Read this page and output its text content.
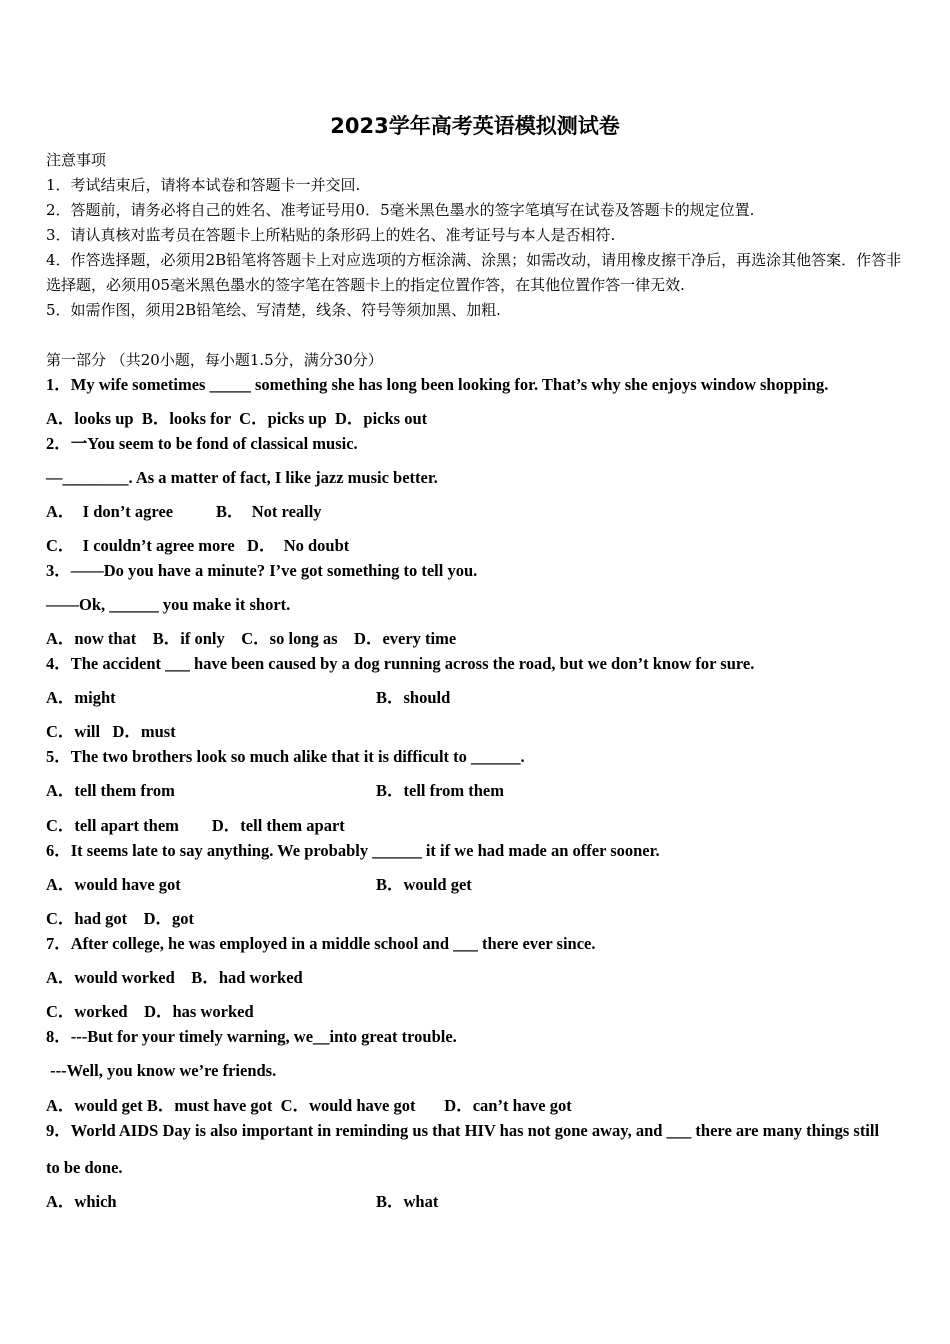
2023学年高考英语模拟测试卷
注意事项
1．考试结束后，请将本试卷和答题卡一并交回.
2．答题前，请务必将自己的姓名、准考证号用0．5毫米黑色墨水的签字笔填写在试卷及答题卡的规定位置.
3．请认真核对监考员在答题卡上所粘贴的条形码上的姓名、准考证号与本人是否相符.
4．作答选择题，必须用2B铅笔将答题卡上对应选项的方框涂满、涂黑；如需改动，请用橡皮擦干净后，再选涂其他答案．作答非选择题，必须用05毫米黑色墨水的签字笔在答题卡上的指定位置作答，在其他位置作答一律无效.
5．如需作图，须用2B铅笔绘、写清楚，线条、符号等须加黑、加粗.
第一部分 （共20小题，每小题1.5分，满分30分）
1．My wife sometimes _____ something she has long been looking for. That’s why she enjoys window shopping.
A．looks up  B．looks for  C．picks up  D．picks out
2．一You seem to be fond of classical music.
—________. As a matter of fact, I like jazz music better.
A．  I don’t agree	B．  Not really
C．  I couldn’t agree more   D．  No doubt
3．——Do you have a minute? I’ve got something to tell you.
——Ok, ______ you make it short.
A．now that    B．if only    C．so long as    D．every time
4．The accident ___ have been caused by a dog running across the road, but we don’t know for sure.
A．might	B．should
C．will   D．must
5．The two brothers look so much alike that it is difficult to ______.
A．tell them from	B．tell from them
C．tell apart them        D．tell them apart
6．It seems late to say anything. We probably ______ it if we had made an offer sooner.
A．would have got	B．would get
C．had got    D．got
7．After college, he was employed in a middle school and ___ there ever since.
A．would worked    B．had worked
C．worked    D．has worked
8．---But for your timely warning, we__into great trouble.
---Well, you know we’re friends.
A．would get B．must have got  C．would have got       D．can’t have got
9．World AIDS Day is also important in reminding us that HIV has not gone away, and ___ there are many things still
to be done.
A．which	B．what
